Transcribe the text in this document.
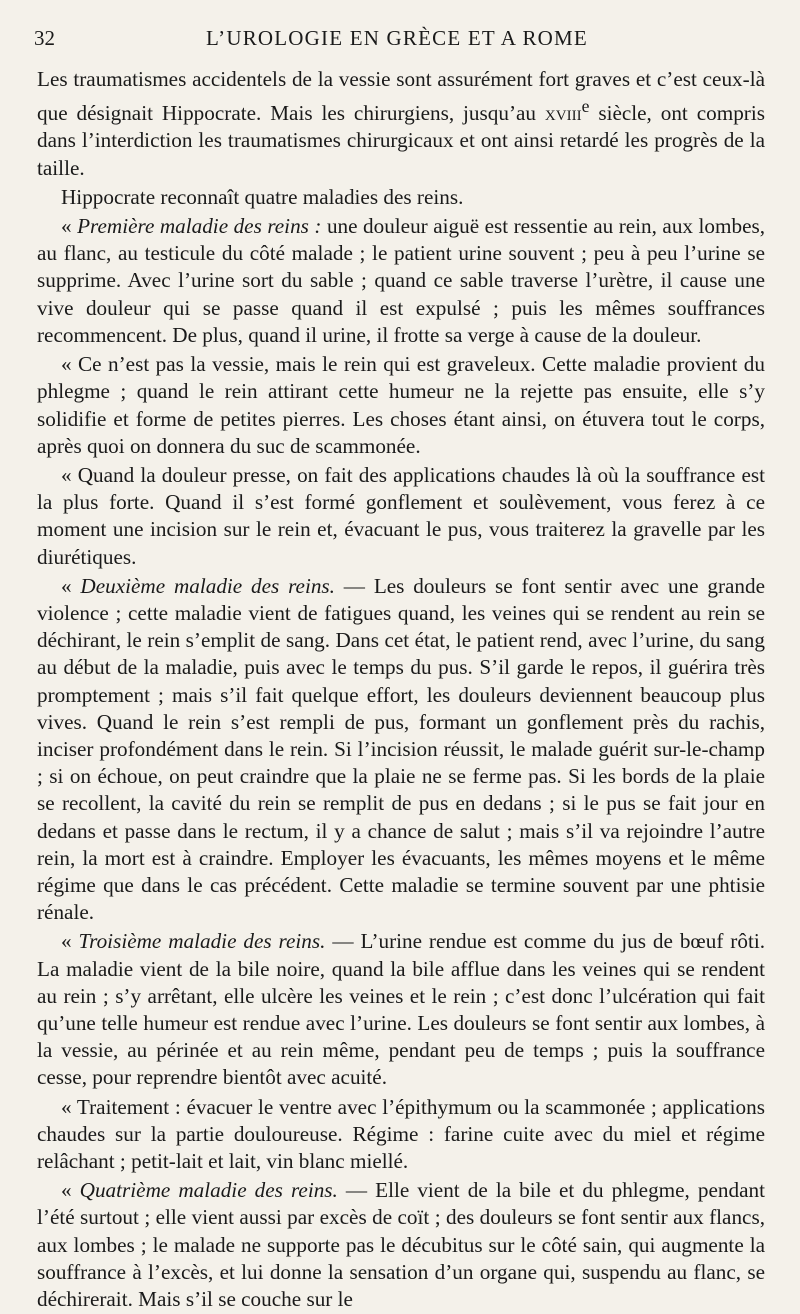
32	L’UROLOGIE EN GRÈCE ET A ROME

Les traumatismes accidentels de la vessie sont assurément fort graves et c’est ceux-là que désignait Hippocrate. Mais les chirurgiens, jusqu’au xviii$^e$ siècle, ont compris dans l’interdiction les traumatismes chirurgicaux et ont ainsi retardé les progrès de la taille.

Hippocrate reconnaît quatre maladies des reins.

« Première maladie des reins : une douleur aiguë est ressentie au rein, aux lombes, au flanc, au testicule du côté malade ; le patient urine souvent ; peu à peu l’urine se supprime. Avec l’urine sort du sable ; quand ce sable traverse l’urètre, il cause une vive douleur qui se passe quand il est expulsé ; puis les mêmes souffrances recommencent. De plus, quand il urine, il frotte sa verge à cause de la douleur.

« Ce n’est pas la vessie, mais le rein qui est graveleux. Cette maladie provient du phlegme ; quand le rein attirant cette humeur ne la rejette pas ensuite, elle s’y solidifie et forme de petites pierres. Les choses étant ainsi, on étuvera tout le corps, après quoi on donnera du suc de scammonée.

« Quand la douleur presse, on fait des applications chaudes là où la souffrance est la plus forte. Quand il s’est formé gonflement et soulèvement, vous ferez à ce moment une incision sur le rein et, évacuant le pus, vous traiterez la gravelle par les diurétiques.

« Deuxième maladie des reins. — Les douleurs se font sentir avec une grande violence ; cette maladie vient de fatigues quand, les veines qui se rendent au rein se déchirant, le rein s’emplit de sang. Dans cet état, le patient rend, avec l’urine, du sang au début de la maladie, puis avec le temps du pus. S’il garde le repos, il guérira très promptement ; mais s’il fait quelque effort, les douleurs deviennent beaucoup plus vives. Quand le rein s’est rempli de pus, formant un gonflement près du rachis, inciser profondément dans le rein. Si l’incision réussit, le malade guérit sur-le-champ ; si on échoue, on peut craindre que la plaie ne se ferme pas. Si les bords de la plaie se recollent, la cavité du rein se remplit de pus en dedans ; si le pus se fait jour en dedans et passe dans le rectum, il y a chance de salut ; mais s’il va rejoindre l’autre rein, la mort est à craindre. Employer les évacuants, les mêmes moyens et le même régime que dans le cas précédent. Cette maladie se termine souvent par une phtisie rénale.

« Troisième maladie des reins. — L’urine rendue est comme du jus de bœuf rôti. La maladie vient de la bile noire, quand la bile afflue dans les veines qui se rendent au rein ; s’y arrêtant, elle ulcère les veines et le rein ; c’est donc l’ulcération qui fait qu’une telle humeur est rendue avec l’urine. Les douleurs se font sentir aux lombes, à la vessie, au périnée et au rein même, pendant peu de temps ; puis la souffrance cesse, pour reprendre bientôt avec acuité.

« Traitement : évacuer le ventre avec l’épithymum ou la scammonée ; applications chaudes sur la partie douloureuse. Régime : farine cuite avec du miel et régime relâchant ; petit-lait et lait, vin blanc miellé.

« Quatrième maladie des reins. — Elle vient de la bile et du phlegme, pendant l’été surtout ; elle vient aussi par excès de coït ; des douleurs se font sentir aux flancs, aux lombes ; le malade ne supporte pas le décubitus sur le côté sain, qui augmente la souffrance à l’excès, et lui donne la sensation d’un organe qui, suspendu au flanc, se déchirerait. Mais s’il se couche sur le
